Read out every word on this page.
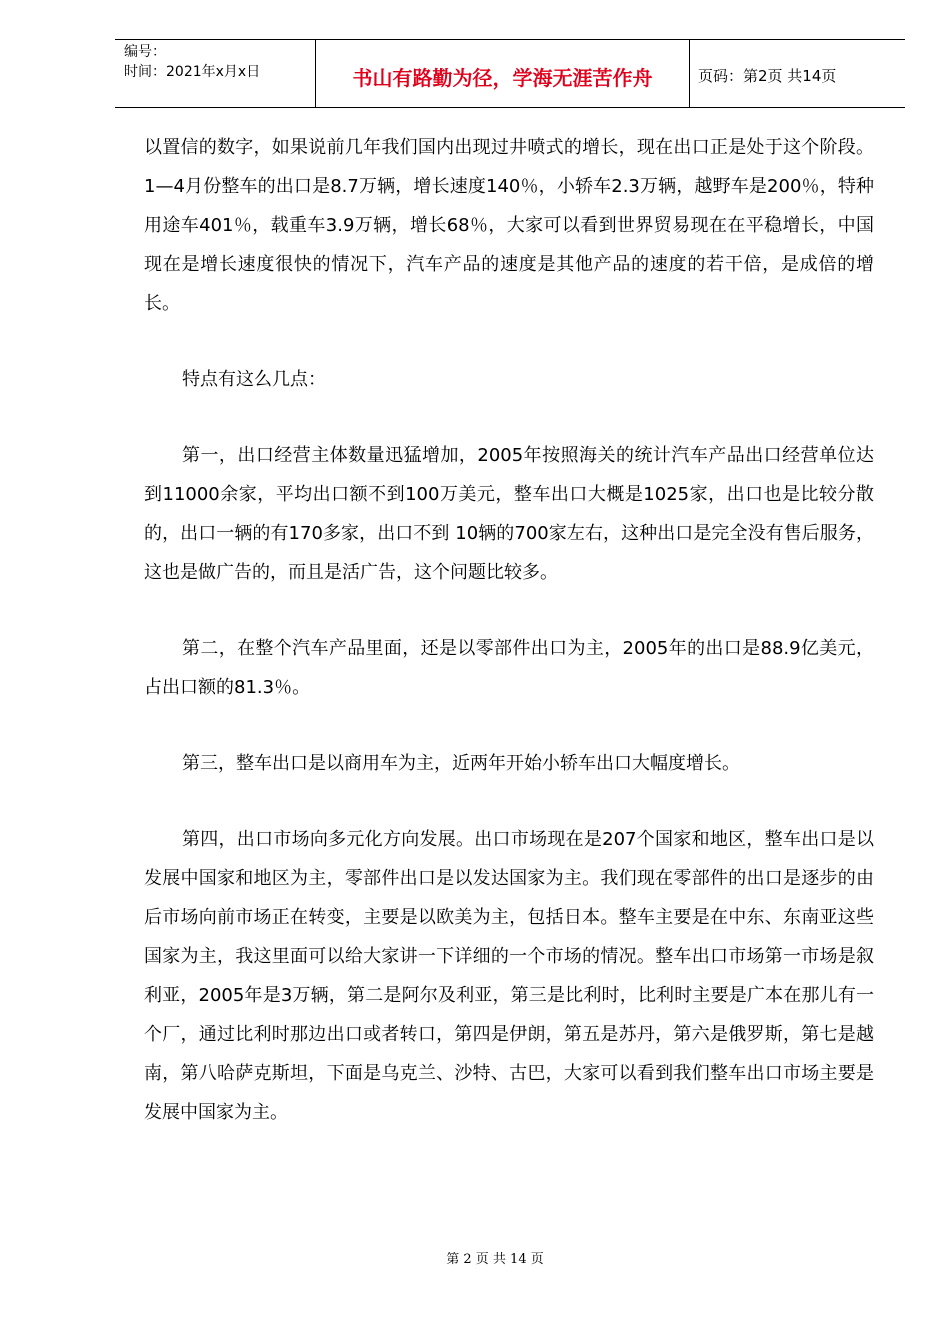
编号：
时间：2021年x月x日	书山有路勤为径，学海无涯苦作舟	页码：第2页 共14页

以置信的数字，如果说前几年我们国内出现过井喷式的增长，现在出口正是处于这个阶段。1—4月份整车的出口是8.7万辆，增长速度140％，小轿车2.3万辆，越野车是200％，特种用途车401％，载重车3.9万辆，增长68％，大家可以看到世界贸易现在在平稳增长，中国现在是增长速度很快的情况下，汽车产品的速度是其他产品的速度的若干倍，是成倍的增长。

特点有这么几点：

第一，出口经营主体数量迅猛增加，2005年按照海关的统计汽车产品出口经营单位达到11000余家，平均出口额不到100万美元，整车出口大概是1025家，出口也是比较分散的，出口一辆的有170多家，出口不到 10辆的700家左右，这种出口是完全没有售后服务，这也是做广告的，而且是活广告，这个问题比较多。

第二，在整个汽车产品里面，还是以零部件出口为主，2005年的出口是88.9亿美元，占出口额的81.3％。

第三，整车出口是以商用车为主，近两年开始小轿车出口大幅度增长。

第四，出口市场向多元化方向发展。出口市场现在是207个国家和地区，整车出口是以发展中国家和地区为主，零部件出口是以发达国家为主。我们现在零部件的出口是逐步的由后市场向前市场正在转变，主要是以欧美为主，包括日本。整车主要是在中东、东南亚这些国家为主，我这里面可以给大家讲一下详细的一个市场的情况。整车出口市场第一市场是叙利亚，2005年是3万辆，第二是阿尔及利亚，第三是比利时，比利时主要是广本在那儿有一个厂，通过比利时那边出口或者转口，第四是伊朗，第五是苏丹，第六是俄罗斯，第七是越南，第八哈萨克斯坦，下面是乌克兰、沙特、古巴，大家可以看到我们整车出口市场主要是发展中国家为主。

第 2 页 共 14 页
